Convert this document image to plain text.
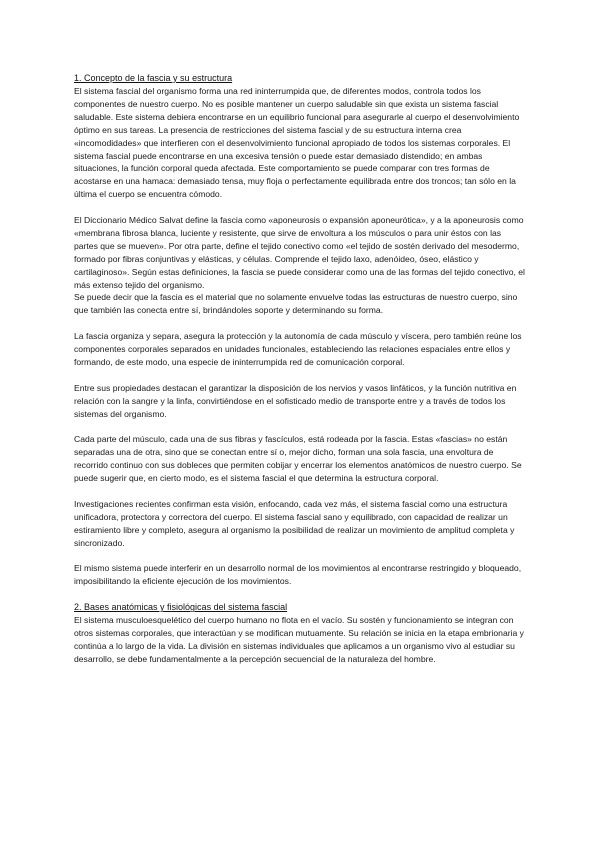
1. Concepto de la fascia y su estructura

El sistema fascial del organismo forma una red ininterrumpida que, de diferentes modos, controla todos los componentes de nuestro cuerpo. No es posible mantener un cuerpo saludable sin que exista un sistema fascial saludable. Este sistema debiera encontrarse en un equilibrio funcional para asegurarle al cuerpo el desenvolvimiento óptimo en sus tareas. La presencia de restricciones del sistema fascial y de su estructura interna crea «incomodidades» que interfieren con el desenvolvimiento funcional apropiado de todos los sistemas corporales. El sistema fascial puede encontrarse en una excesiva tensión o puede estar demasiado distendido; en ambas situaciones, la función corporal queda afectada. Este comportamiento se puede comparar con tres formas de acostarse en una hamaca: demasiado tensa, muy floja o perfectamente equilibrada entre dos troncos; tan sólo en la última el cuerpo se encuentra cómodo.

El Diccionario Médico Salvat define la fascia como «aponeurosis o expansión aponeurótica», y a la aponeurosis como «membrana fibrosa blanca, luciente y resistente, que sirve de envoltura a los músculos o para unir éstos con las partes que se mueven». Por otra parte, define el tejido conectivo como «el tejido de sostén derivado del mesodermo, formado por fibras conjuntivas y elásticas, y células. Comprende el tejido laxo, adenóideo, óseo, elástico y cartilaginoso». Según estas definiciones, la fascia se puede considerar como una de las formas del tejido conectivo, el más extenso tejido del organismo.

Se puede decir que la fascia es el material que no solamente envuelve todas las estructuras de nuestro cuerpo, sino que también las conecta entre sí, brindándoles soporte y determinando su forma.

La fascia organiza y separa, asegura la protección y la autonomía de cada músculo y víscera, pero también reúne los componentes corporales separados en unidades funcionales, estableciendo las relaciones espaciales entre ellos y formando, de este modo, una especie de ininterrumpida red de comunicación corporal.

Entre sus propiedades destacan el garantizar la disposición de los nervios y vasos linfáticos, y la función nutritiva en relación con la sangre y la linfa, convirtiéndose en el sofisticado medio de transporte entre y a través de todos los sistemas del organismo.

Cada parte del músculo, cada una de sus fibras y fascículos, está rodeada por la fascia. Estas «fascias» no están separadas una de otra, sino que se conectan entre sí o, mejor dicho, forman una sola fascia, una envoltura de recorrido continuo con sus dobleces que permiten cobijar y encerrar los elementos anatómicos de nuestro cuerpo. Se puede sugerir que, en cierto modo, es el sistema fascial el que determina la estructura corporal.

Investigaciones recientes confirman esta visión, enfocando, cada vez más, el sistema fascial como una estructura unificadora, protectora y correctora del cuerpo. El sistema fascial sano y equilibrado, con capacidad de realizar un estiramiento libre y completo, asegura al organismo la posibilidad de realizar un movimiento de amplitud completa y sincronizado.

El mismo sistema puede interferir en un desarrollo normal de los movimientos al encontrarse restringido y bloqueado, imposibilitando la eficiente ejecución de los movimientos.

2. Bases anatómicas y fisiológicas del sistema fascial

El sistema musculoesquelético del cuerpo humano no flota en el vacío. Su sostén y funcionamiento se integran con otros sistemas corporales, que interactúan y se modifican mutuamente. Su relación se inicia en la etapa embrionaria y continúa a lo largo de la vida. La división en sistemas individuales que aplicamos a un organismo vivo al estudiar su desarrollo, se debe fundamentalmente a la percepción secuencial de la naturaleza del hombre.
